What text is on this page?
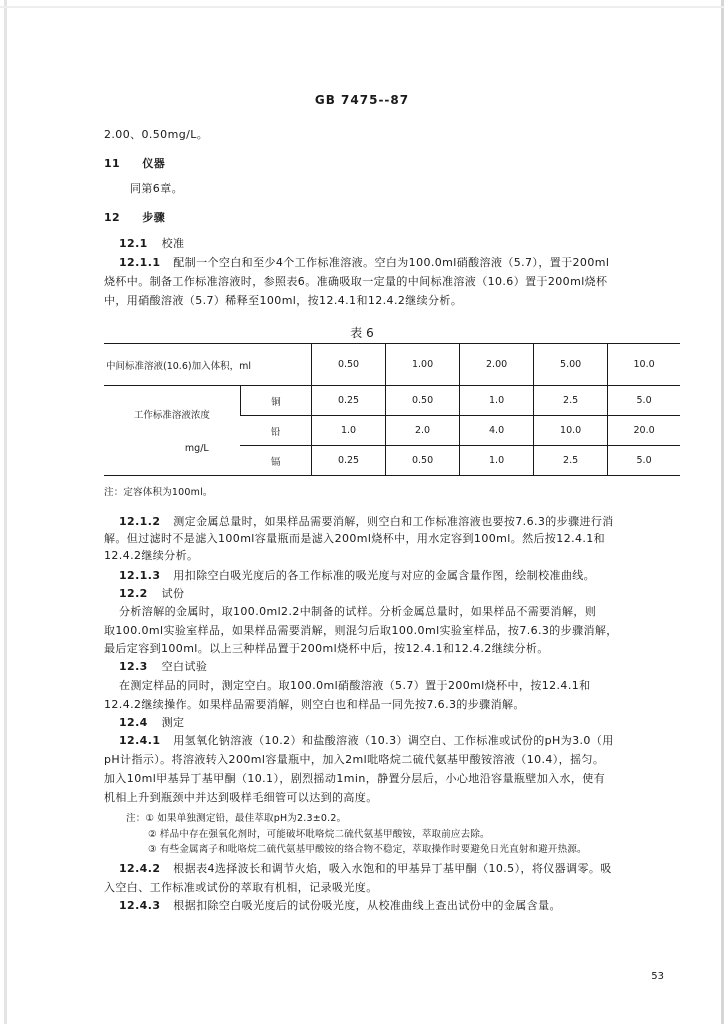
GB 7475--87
2.00、0.50mg/L。
11 仪器
同第6章。
12 步骤
12.1 校准
12.1.1 配制一个空白和至少4个工作标准溶液。空白为100.0ml硝酸溶液（5.7），置于200ml
烧杯中。制备工作标准溶液时，参照表6。准确吸取一定量的中间标准溶液（10.6）置于200ml烧杯
中，用硝酸溶液（5.7）稀释至100ml，按12.4.1和12.4.2继续分析。
表 6
中间标准溶液(10.6)加入体积，ml		0.50	1.00	2.00	5.00	10.0

工作标准溶液浓度
mg/L	铜	0.25	0.50	1.0	2.5	5.0
	铅	1.0	2.0	4.0	10.0	20.0
	镉	0.25	0.50	1.0	2.5	5.0
注：定容体积为100ml。
12.1.2 测定金属总量时，如果样品需要消解，则空白和工作标准溶液也要按7.6.3的步骤进行消
解。但过滤时不是滤入100ml容量瓶而是滤入200ml烧杯中，用水定容到100ml。然后按12.4.1和
12.4.2继续分析。
12.1.3 用扣除空白吸光度后的各工作标准的吸光度与对应的金属含量作图，绘制校准曲线。
12.2 试份
分析溶解的金属时，取100.0ml2.2中制备的试样。分析金属总量时，如果样品不需要消解，则
取100.0ml实验室样品，如果样品需要消解，则混匀后取100.0ml实验室样品，按7.6.3的步骤消解，
最后定容到100ml。以上三种样品置于200ml烧杯中后，按12.4.1和12.4.2继续分析。
12.3 空白试验
在测定样品的同时，测定空白。取100.0ml硝酸溶液（5.7）置于200ml烧杯中，按12.4.1和
12.4.2继续操作。如果样品需要消解，则空白也和样品一同先按7.6.3的步骤消解。
12.4 测定
12.4.1 用氢氧化钠溶液（10.2）和盐酸溶液（10.3）调空白、工作标准或试份的pH为3.0（用
pH计指示）。将溶液转入200ml容量瓶中，加入2ml吡咯烷二硫代氨基甲酸铵溶液（10.4），摇匀。
加入10ml甲基异丁基甲酮（10.1），剧烈摇动1min，静置分层后，小心地沿容量瓶壁加入水，使有
机相上升到瓶颈中并达到吸样毛细管可以达到的高度。
注：① 如果单独测定铅，最佳萃取pH为2.3±0.2。
② 样品中存在强氧化剂时，可能破坏吡咯烷二硫代氨基甲酸铵，萃取前应去除。
③ 有些金属离子和吡咯烷二硫代氨基甲酸铵的络合物不稳定，萃取操作时要避免日光直射和避开热源。
12.4.2 根据表4选择波长和调节火焰，吸入水饱和的甲基异丁基甲酮（10.5），将仪器调零。吸
入空白、工作标准或试份的萃取有机相，记录吸光度。
12.4.3 根据扣除空白吸光度后的试份吸光度，从校准曲线上查出试份中的金属含量。
53
